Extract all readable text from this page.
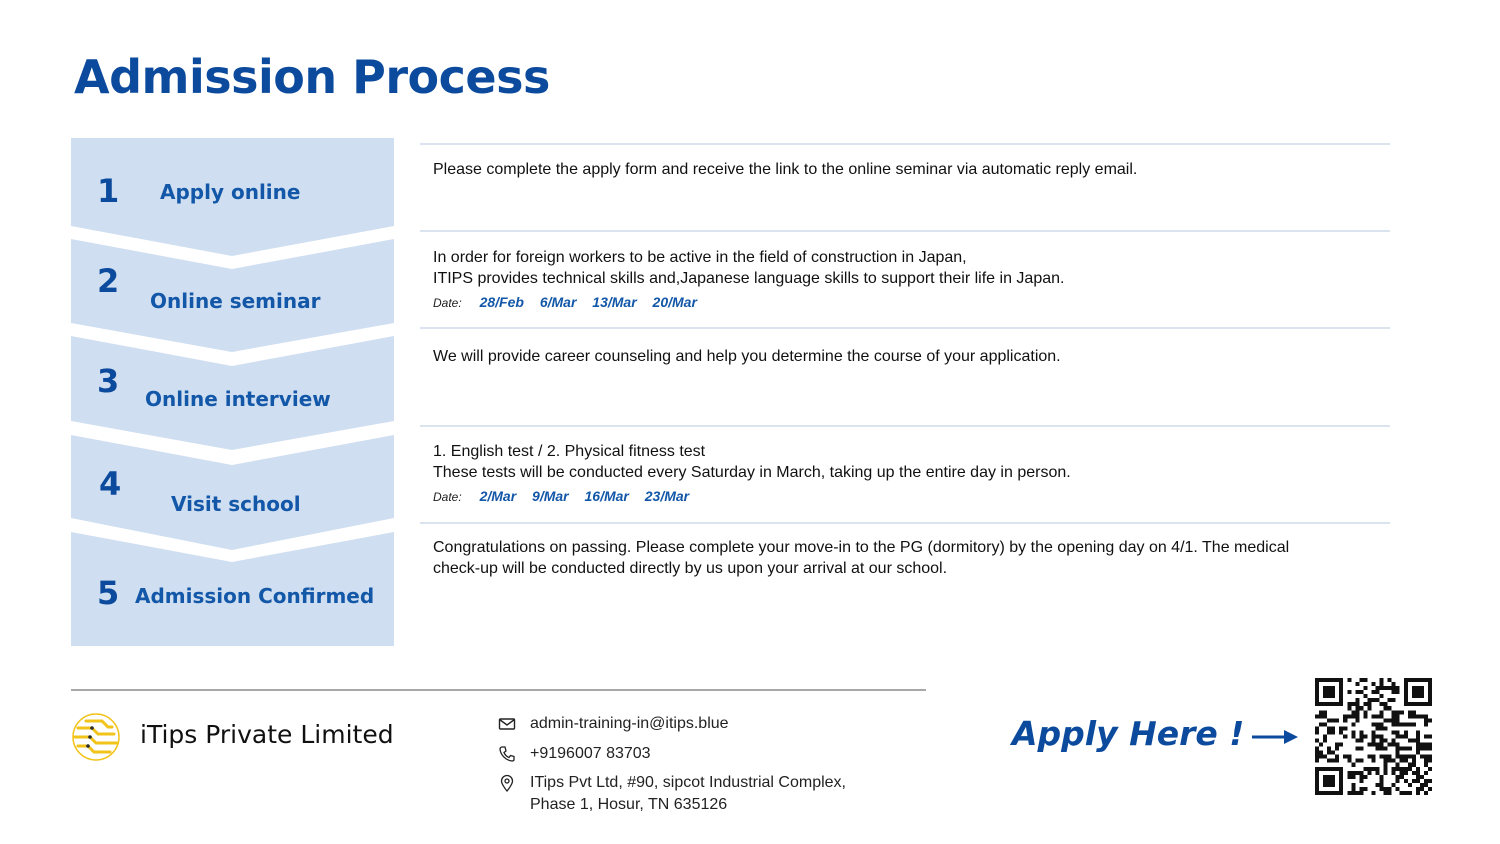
Admission Process
1 Apply online
2
Online seminar
3 Online interview
4
Visit school
5 Admission Confirmed
Please complete the apply form and receive the link to the online seminar via automatic reply email.
In order for foreign workers to be active in the field of construction in Japan,
ITIPS provides technical skills and,Japanese language skills to support their life in Japan.
Date: 28/Feb 6/Mar 13/Mar 20/Mar
We will provide career counseling and help you determine the course of your application.
1. English test / 2. Physical fitness test
These tests will be conducted every Saturday in March, taking up the entire day in person.
Date: 2/Mar 9/Mar 16/Mar 23/Mar
Congratulations on passing. Please complete your move-in to the PG (dormitory) by the opening day on 4/1. The medical
check-up will be conducted directly by us upon your arrival at our school.
iTips Private Limited	admin-training-in@itips.blue
+9196007 83703
ITips Pvt Ltd, #90, sipcot Industrial Complex,
Phase 1, Hosur, TN 635126
Apply Here !
